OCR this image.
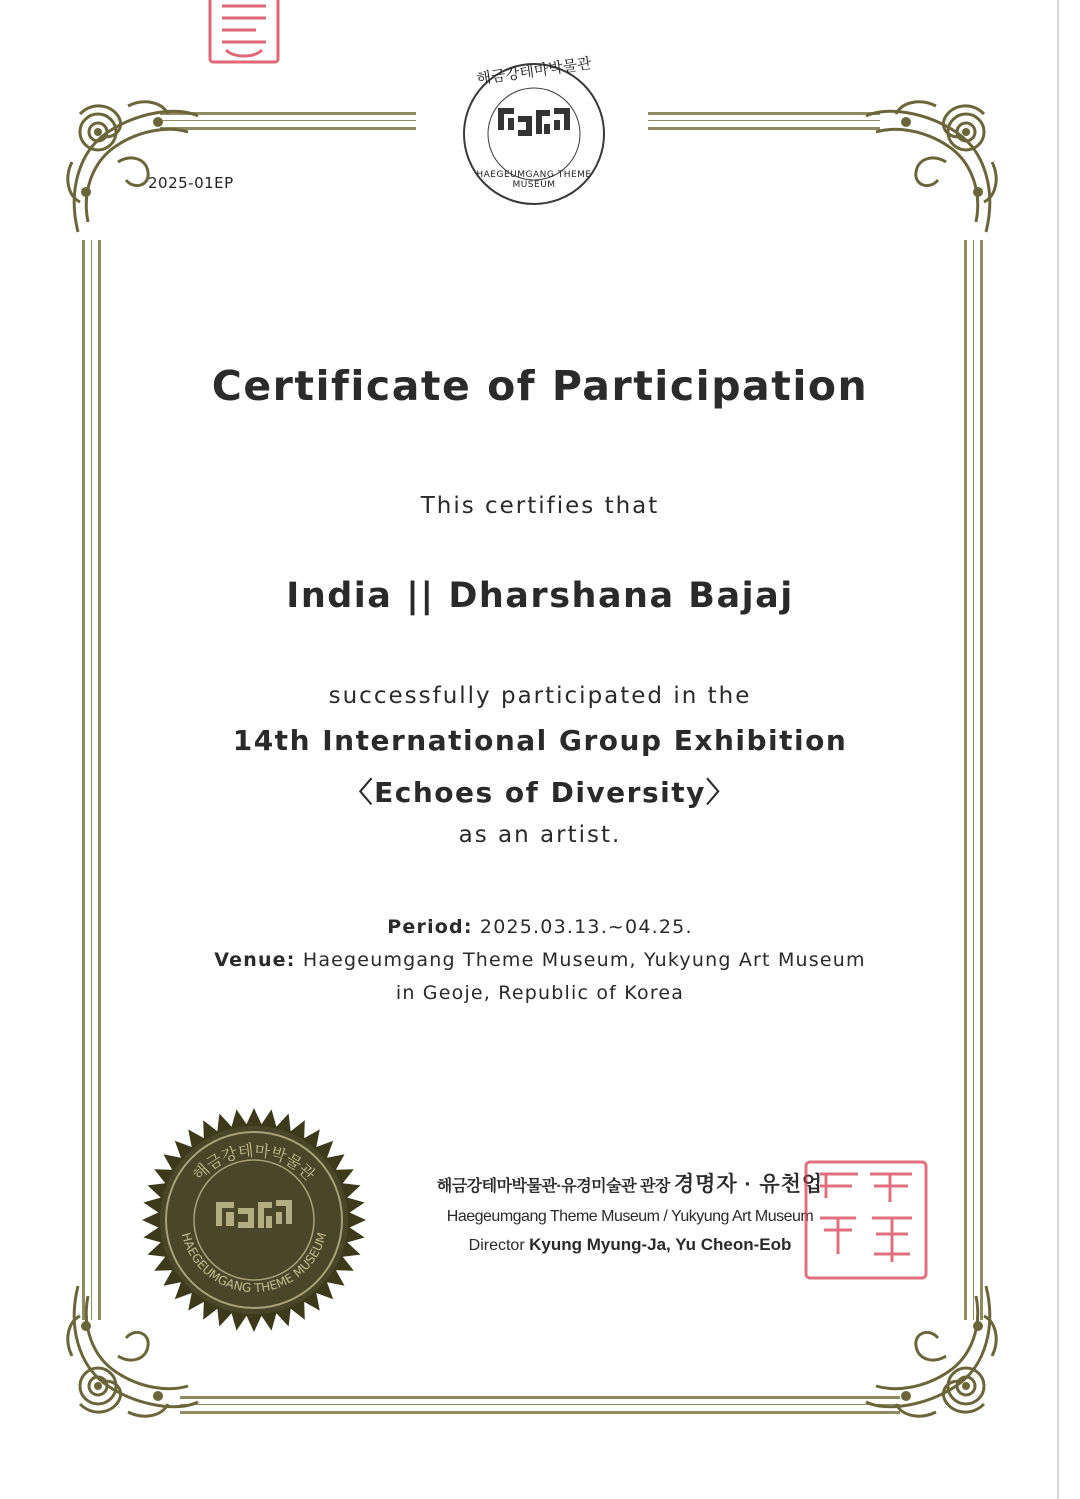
해금강테마박물관
HAEGEUMGANG THEME MUSEUM
2025-01EP
Certificate of Participation
This certifies that
India || Dharshana Bajaj
successfully participated in the
14th International Group Exhibition
〈Echoes of Diversity〉
as an artist.
Period: 2025.03.13.~04.25.
Venue: Haegeumgang Theme Museum, Yukyung Art Museum
in Geoje, Republic of Korea
해금강테마박물관
HAEGEUMGANG THEME MUSEUM
해금강테마박물관·유경미술관 관장 경명자 · 유천업
Haegeumgang Theme Museum / Yukyung Art Museum
Director Kyung Myung-Ja, Yu Cheon-Eob
